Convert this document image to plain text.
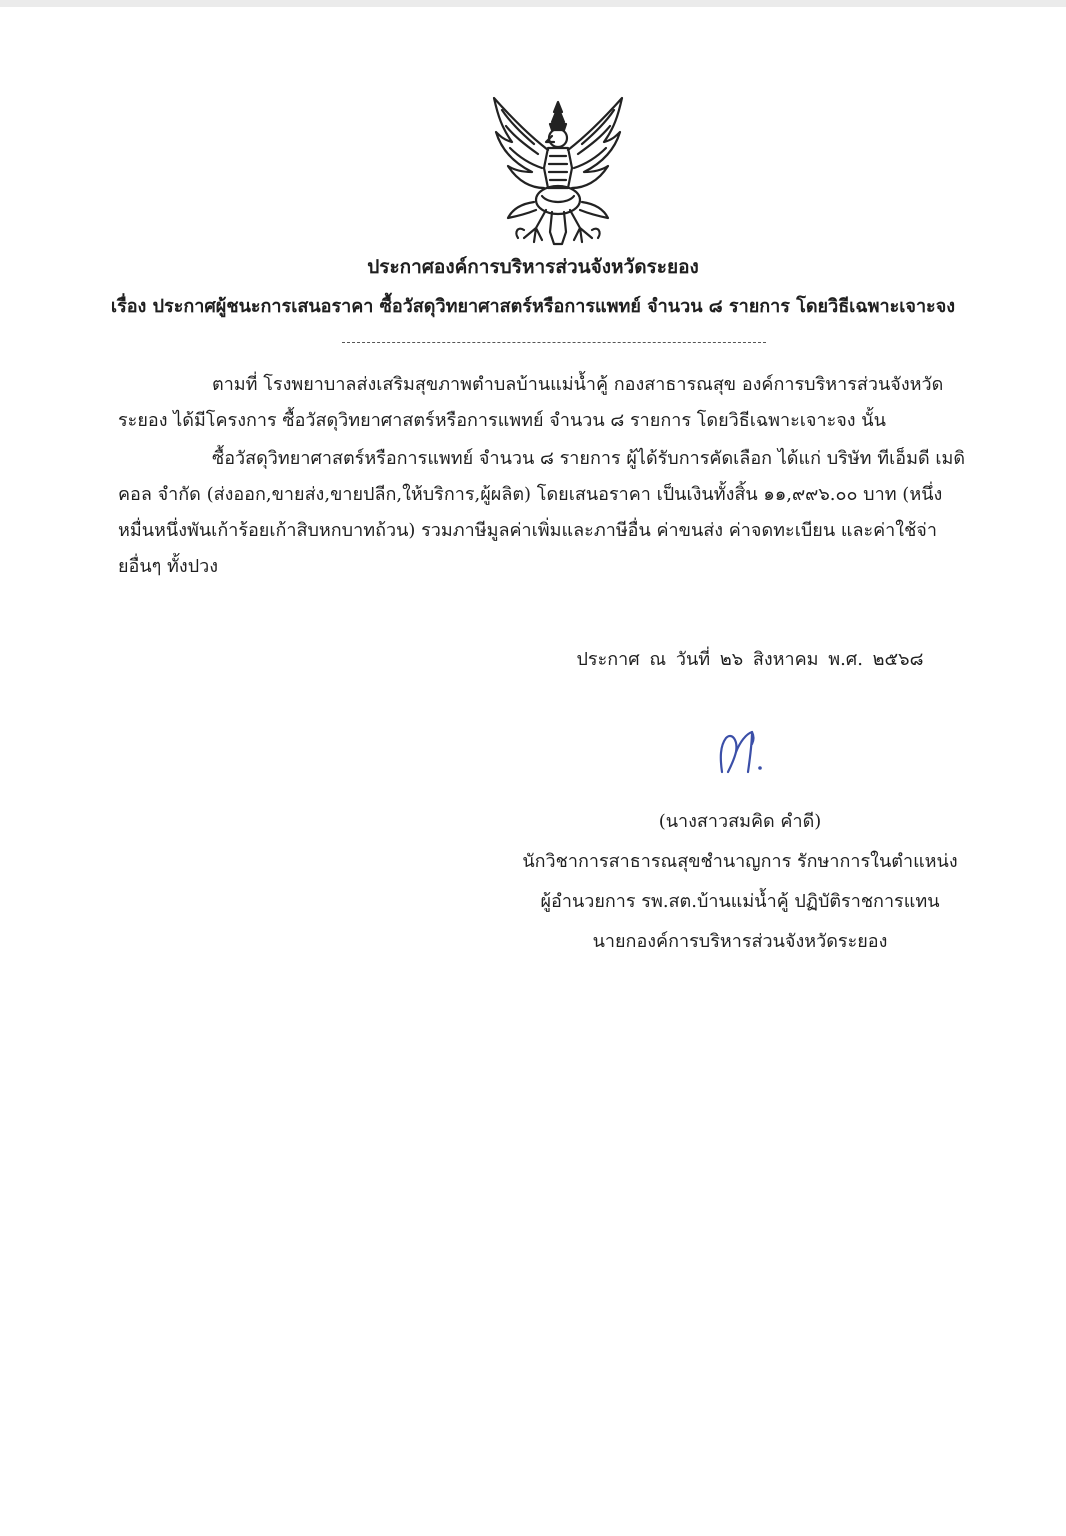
ประกาศองค์การบริหารส่วนจังหวัดระยอง
เรื่อง ประกาศผู้ชนะการเสนอราคา ซื้อวัสดุวิทยาศาสตร์หรือการแพทย์ จำนวน ๘ รายการ โดยวิธีเฉพาะเจาะจง

ตามที่ โรงพยาบาลส่งเสริมสุขภาพตำบลบ้านแม่น้ำคู้ กองสาธารณสุข องค์การบริหารส่วนจังหวัดระยอง ได้มีโครงการ ซื้อวัสดุวิทยาศาสตร์หรือการแพทย์ จำนวน ๘ รายการ โดยวิธีเฉพาะเจาะจง นั้น

ซื้อวัสดุวิทยาศาสตร์หรือการแพทย์ จำนวน ๘ รายการ ผู้ได้รับการคัดเลือก ได้แก่ บริษัท ทีเอ็มดี เมดิคอล จำกัด (ส่งออก,ขายส่ง,ขายปลีก,ให้บริการ,ผู้ผลิต) โดยเสนอราคา เป็นเงินทั้งสิ้น ๑๑,๙๙๖.๐๐ บาท (หนึ่งหมื่นหนึ่งพันเก้าร้อยเก้าสิบหกบาทถ้วน) รวมภาษีมูลค่าเพิ่มและภาษีอื่น ค่าขนส่ง ค่าจดทะเบียน และค่าใช้จ่ายอื่นๆ ทั้งปวง

ประกาศ ณ วันที่ ๒๖ สิงหาคม พ.ศ. ๒๕๖๘

(นางสาวสมคิด คำดี)
นักวิชาการสาธารณสุขชำนาญการ รักษาการในตำแหน่ง
ผู้อำนวยการ รพ.สต.บ้านแม่น้ำคู้ ปฏิบัติราชการแทน
นายกองค์การบริหารส่วนจังหวัดระยอง
